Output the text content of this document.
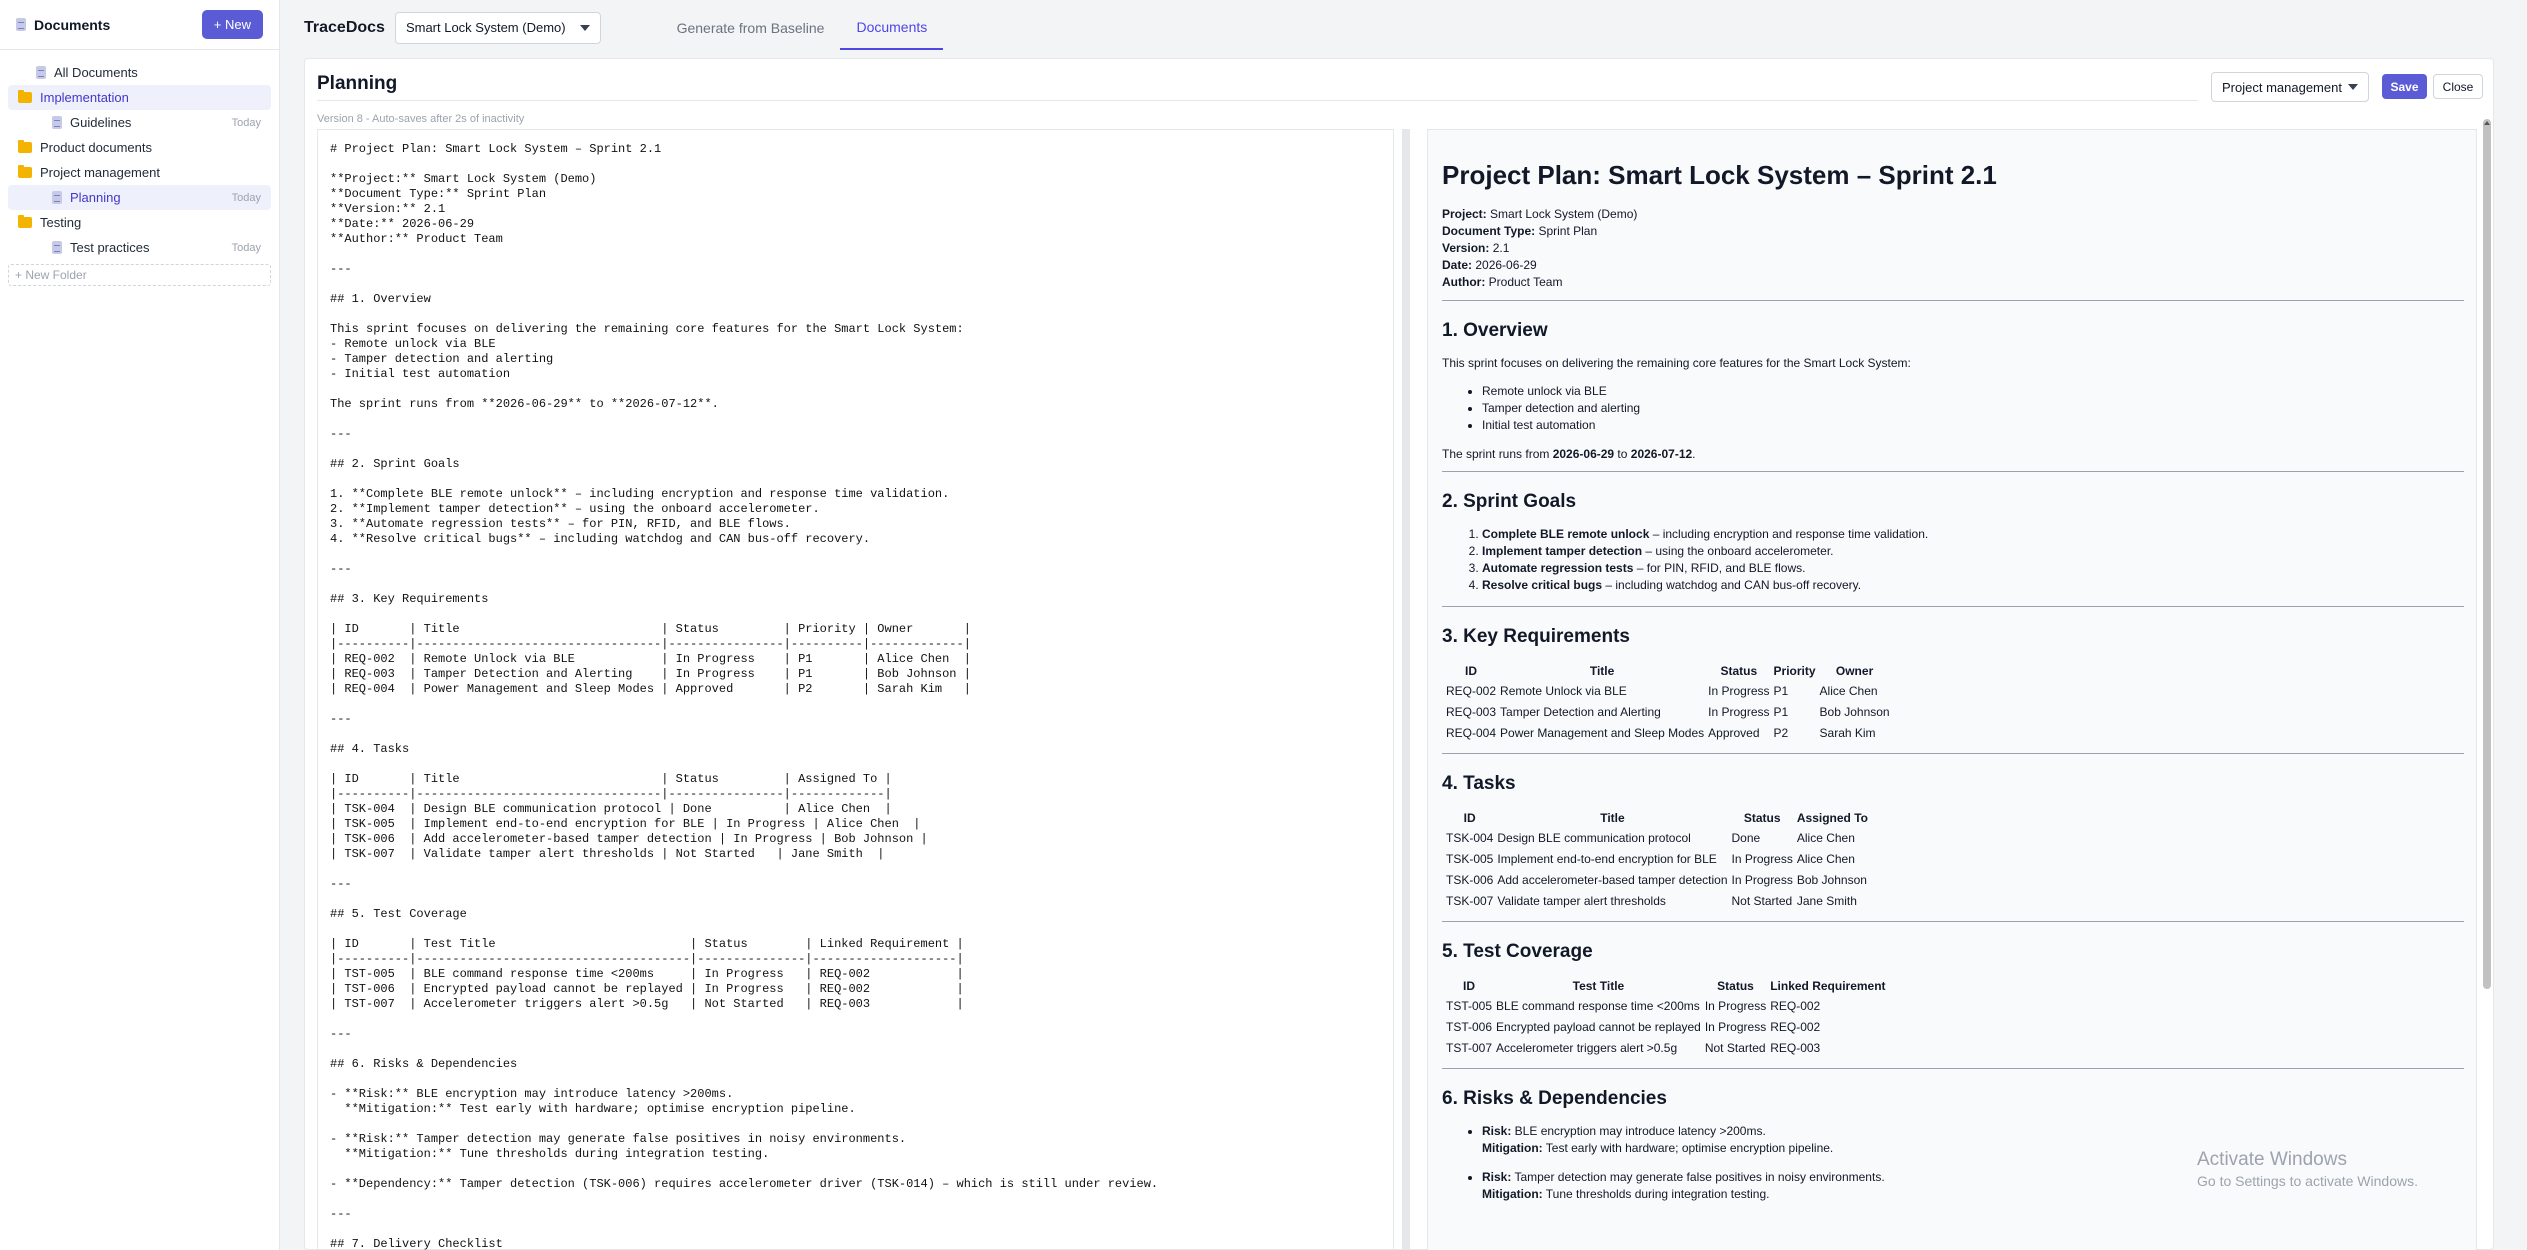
Documents	+ New
All Documents
Implementation
Guidelines	Today
Product documents
Project management
Planning	Today
Testing
Test practices	Today
+ New Folder
TraceDocs Smart Lock System (Demo)	Generate from Baseline	Documents
Planning
Version 8 - Auto-saves after 2s of inactivity
Project management	Save	Close
# Project Plan: Smart Lock System – Sprint 2.1

**Project:** Smart Lock System (Demo)
**Document Type:** Sprint Plan
**Version:** 2.1
**Date:** 2026-06-29
**Author:** Product Team

---

## 1. Overview

This sprint focuses on delivering the remaining core features for the Smart Lock System:
- Remote unlock via BLE
- Tamper detection and alerting
- Initial test automation

The sprint runs from **2026-06-29** to **2026-07-12**.

---

## 2. Sprint Goals

1. **Complete BLE remote unlock** – including encryption and response time validation.
2. **Implement tamper detection** – using the onboard accelerometer.
3. **Automate regression tests** – for PIN, RFID, and BLE flows.
4. **Resolve critical bugs** – including watchdog and CAN bus-off recovery.

---

## 3. Key Requirements

| ID       | Title                            | Status         | Priority | Owner       |
|----------|----------------------------------|----------------|----------|-------------|
| REQ-002  | Remote Unlock via BLE            | In Progress    | P1       | Alice Chen  |
| REQ-003  | Tamper Detection and Alerting    | In Progress    | P1       | Bob Johnson |
| REQ-004  | Power Management and Sleep Modes | Approved       | P2       | Sarah Kim   |

---

## 4. Tasks

| ID       | Title                            | Status         | Assigned To |
|----------|----------------------------------|----------------|-------------|
| TSK-004  | Design BLE communication protocol | Done          | Alice Chen  |
| TSK-005  | Implement end-to-end encryption for BLE | In Progress | Alice Chen  |
| TSK-006  | Add accelerometer-based tamper detection | In Progress | Bob Johnson |
| TSK-007  | Validate tamper alert thresholds | Not Started   | Jane Smith  |

---

## 5. Test Coverage

| ID       | Test Title                           | Status        | Linked Requirement |
|----------|--------------------------------------|---------------|--------------------|
| TST-005  | BLE command response time <200ms     | In Progress   | REQ-002            |
| TST-006  | Encrypted payload cannot be replayed | In Progress   | REQ-002            |
| TST-007  | Accelerometer triggers alert >0.5g   | Not Started   | REQ-003            |

---

## 6. Risks & Dependencies

- **Risk:** BLE encryption may introduce latency >200ms.
**Mitigation:** Test early with hardware; optimise encryption pipeline.

- **Risk:** Tamper detection may generate false positives in noisy environments.
**Mitigation:** Tune thresholds during integration testing.

- **Dependency:** Tamper detection (TSK-006) requires accelerometer driver (TSK-014) – which is still under review.

---

## 7. Delivery Checklist
Project Plan: Smart Lock System – Sprint 2.1

Project: Smart Lock System (Demo)

Document Type: Sprint Plan

Version: 2.1

Date: 2026-06-29

Author: Product Team

1. Overview

This sprint focuses on delivering the remaining core features for the Smart Lock System:

• Remote unlock via BLE
• Tamper detection and alerting
• Initial test automation

The sprint runs from 2026-06-29 to 2026-07-12.

2. Sprint Goals
1. Complete BLE remote unlock – including encryption and response time validation.
2. Implement tamper detection – using the onboard accelerometer.
3. Automate regression tests – for PIN, RFID, and BLE flows.
4. Resolve critical bugs – including watchdog and CAN bus-off recovery.
3. Key Requirements
ID	Title	Status	Priority	Owner
REQ-002	Remote Unlock via BLE	In Progress	P1	Alice Chen
REQ-003	Tamper Detection and Alerting	In Progress	P1	Bob Johnson
REQ-004	Power Management and Sleep Modes	Approved	P2	Sarah Kim
4. Tasks
ID	Title	Status	Assigned To
TSK-004	Design BLE communication protocol	Done	Alice Chen
TSK-005	Implement end-to-end encryption for BLE	In Progress	Alice Chen
TSK-006	Add accelerometer-based tamper detection	In Progress	Bob Johnson
TSK-007	Validate tamper alert thresholds	Not Started	Jane Smith
5. Test Coverage
ID	Test Title	Status	Linked Requirement
TST-005	BLE command response time <200ms	In Progress	REQ-002
TST-006	Encrypted payload cannot be replayed	In Progress	REQ-002
TST-007	Accelerometer triggers alert >0.5g	Not Started	REQ-003
6. Risks & Dependencies
• Risk: BLE encryption may introduce latency >200ms.
Mitigation: Test early with hardware; optimise encryption pipeline.
• Risk: Tamper detection may generate false positives in noisy environments.
Mitigation: Tune thresholds during integration testing.
Activate Windows
Go to Settings to activate Windows.
